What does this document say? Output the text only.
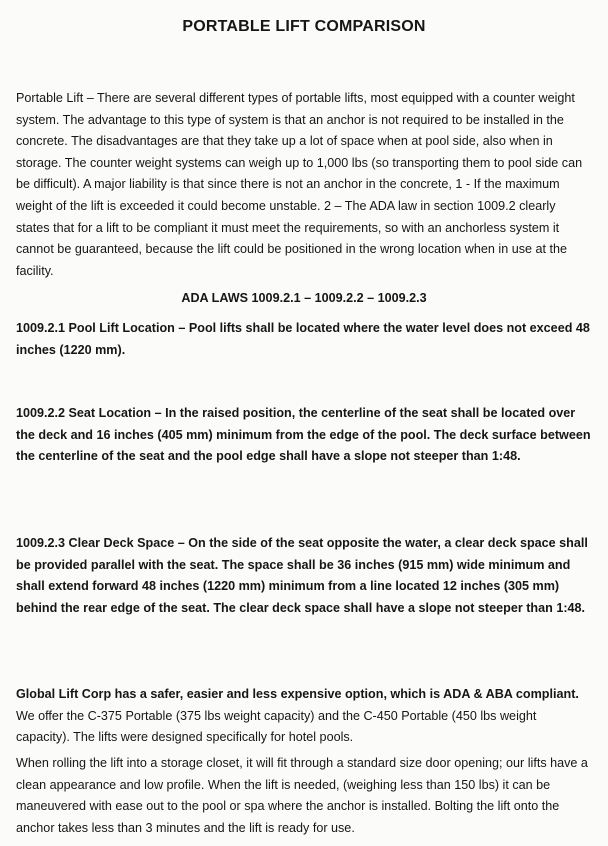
PORTABLE LIFT COMPARISON

Portable Lift – There are several different types of portable lifts, most equipped with a counter weight system. The advantage to this type of system is that an anchor is not required to be installed in the concrete. The disadvantages are that they take up a lot of space when at pool side, also when in storage. The counter weight systems can weigh up to 1,000 lbs (so transporting them to pool side can be difficult). A major liability is that since there is not an anchor in the concrete, 1 - If the maximum weight of the lift is exceeded it could become unstable. 2 – The ADA law in section 1009.2 clearly states that for a lift to be compliant it must meet the requirements, so with an anchorless system it cannot be guaranteed, because the lift could be positioned in the wrong location when in use at the facility.

ADA LAWS 1009.2.1 – 1009.2.2 – 1009.2.3

1009.2.1 Pool Lift Location – Pool lifts shall be located where the water level does not exceed 48 inches (1220 mm).

1009.2.2 Seat Location – In the raised position, the centerline of the seat shall be located over the deck and 16 inches (405 mm) minimum from the edge of the pool. The deck surface between the centerline of the seat and the pool edge shall have a slope not steeper than 1:48.

1009.2.3 Clear Deck Space – On the side of the seat opposite the water, a clear deck space shall be provided parallel with the seat. The space shall be 36 inches (915 mm) wide minimum and shall extend forward 48 inches (1220 mm) minimum from a line located 12 inches (305 mm) behind the rear edge of the seat. The clear deck space shall have a slope not steeper than 1:48.

Global Lift Corp has a safer, easier and less expensive option, which is ADA & ABA compliant. We offer the C-375 Portable (375 lbs weight capacity) and the C-450 Portable (450 lbs weight capacity). The lifts were designed specifically for hotel pools.

When rolling the lift into a storage closet, it will fit through a standard size door opening; our lifts have a clean appearance and low profile. When the lift is needed, (weighing less than 150 lbs) it can be maneuvered with ease out to the pool or spa where the anchor is installed. Bolting the lift onto the anchor takes less than 3 minutes and the lift is ready for use.
